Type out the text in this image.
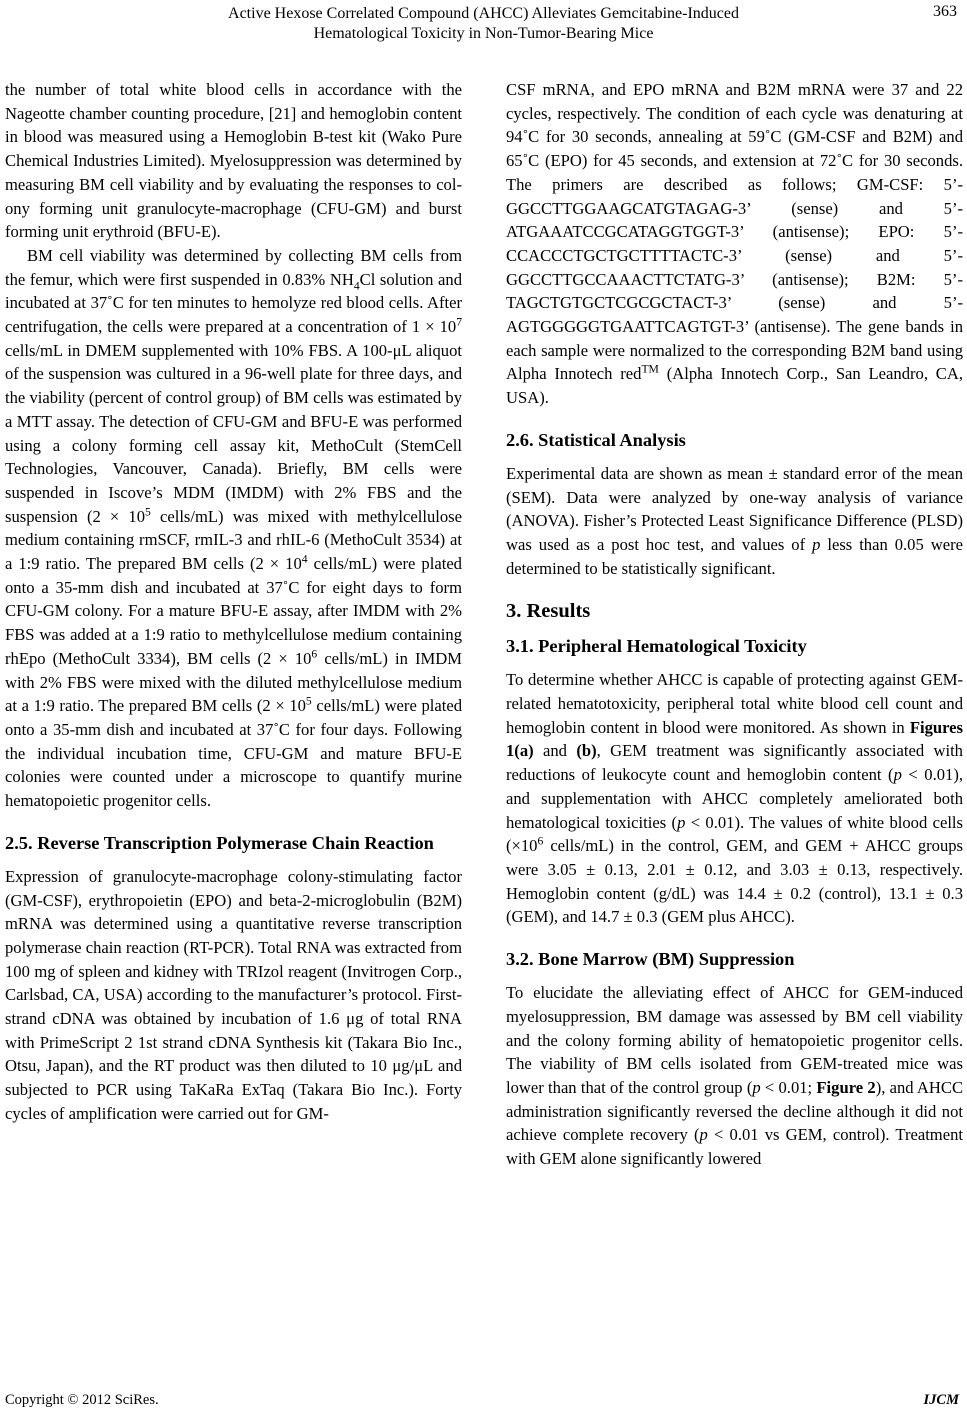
Active Hexose Correlated Compound (AHCC) Alleviates Gemcitabine-Induced
Hematological Toxicity in Non-Tumor-Bearing Mice
363

the number of total white blood cells in accordance with the Nageotte chamber counting procedure, [21] and hemoglobin content in blood was measured using a Hemoglobin B-test kit (Wako Pure Chemical Industries Limited). Myelosuppression was determined by measuring BM cell viability and by evaluating the responses to colony forming unit granulocyte-macrophage (CFU-GM) and burst forming unit erythroid (BFU-E).

BM cell viability was determined by collecting BM cells from the femur, which were first suspended in 0.83% $NH_4Cl$ solution and incubated at 37˚C for ten minutes to hemolyze red blood cells. After centrifugation, the cells were prepared at a concentration of $1 \times 10^7$ cells/mL in DMEM supplemented with 10% FBS. A 100-μL aliquot of the suspension was cultured in a 96-well plate for three days, and the viability (percent of control group) of BM cells was estimated by a MTT assay. The detection of CFU-GM and BFU-E was performed using a colony forming cell assay kit, MethoCult (StemCell Technologies, Vancouver, Canada). Briefly, BM cells were suspended in Iscove’s MDM (IMDM) with 2% FBS and the suspension ($2 \times 10^5$ cells/mL) was mixed with methylcellulose medium containing rmSCF, rmIL-3 and rhIL-6 (MethoCult 3534) at a 1:9 ratio. The prepared BM cells ($2 \times 10^4$ cells/mL) were plated onto a 35-mm dish and incubated at 37˚C for eight days to form CFU-GM colony. For a mature BFU-E assay, after IMDM with 2% FBS was added at a 1:9 ratio to methylcellulose medium containing rhEpo (MethoCult 3334), BM cells ($2 \times 10^6$ cells/mL) in IMDM with 2% FBS were mixed with the diluted methylcellulose medium at a 1:9 ratio. The prepared BM cells ($2 \times 10^5$ cells/mL) were plated onto a 35-mm dish and incubated at 37˚C for four days. Following the individual incubation time, CFU-GM and mature BFU-E colonies were counted under a microscope to quantify murine hematopoietic progenitor cells.

2.5. Reverse Transcription Polymerase Chain Reaction

Expression of granulocyte-macrophage colony-stimulating factor (GM-CSF), erythropoietin (EPO) and beta-2-microglobulin (B2M) mRNA was determined using a quantitative reverse transcription polymerase chain reaction (RT-PCR). Total RNA was extracted from 100 mg of spleen and kidney with TRIzol reagent (Invitrogen Corp., Carlsbad, CA, USA) according to the manufacturer’s protocol. First-strand cDNA was obtained by incubation of 1.6 μg of total RNA with PrimeScript 2 1st strand cDNA Synthesis kit (Takara Bio Inc., Otsu, Japan), and the RT product was then diluted to 10 μg/μL and subjected to PCR using TaKaRa ExTaq (Takara Bio Inc.). Forty cycles of amplification were carried out for GM-

CSF mRNA, and EPO mRNA and B2M mRNA were 37 and 22 cycles, respectively. The condition of each cycle was denaturing at 94˚C for 30 seconds, annealing at 59˚C (GM-CSF and B2M) and 65˚C (EPO) for 45 seconds, and extension at 72˚C for 30 seconds. The primers are described as follows; GM-CSF: 5’-GGCCTTGGAAGCATGTAGAG-3’ (sense) and 5’-ATGAAATCCGCATAGGTGGT-3’ (antisense); EPO: 5’-CCACCCTGCTGCTTTTACTC-3’ (sense) and 5’-GGCCTTGCCAAACTTCTATG-3’ (antisense); B2M: 5’-TAGCTGTGCTCGCGCTACT-3’ (sense) and 5’-AGTGGGGGTGAATTCAGTGT-3’ (antisense). The gene bands in each sample were normalized to the corresponding B2M band using Alpha Innotech red™ (Alpha Innotech Corp., San Leandro, CA, USA).

2.6. Statistical Analysis

Experimental data are shown as mean ± standard error of the mean (SEM). Data were analyzed by one-way analysis of variance (ANOVA). Fisher’s Protected Least Significance Difference (PLSD) was used as a post hoc test, and values of p less than 0.05 were determined to be statistically significant.

3. Results
3.1. Peripheral Hematological Toxicity

To determine whether AHCC is capable of protecting against GEM-related hematotoxicity, peripheral total white blood cell count and hemoglobin content in blood were monitored. As shown in Figures 1(a) and (b), GEM treatment was significantly associated with reductions of leukocyte count and hemoglobin content (p < 0.01), and supplementation with AHCC completely ameliorated both hematological toxicities (p < 0.01). The values of white blood cells ($\times 10^6$ cells/mL) in the control, GEM, and GEM + AHCC groups were 3.05 ± 0.13, 2.01 ± 0.12, and 3.03 ± 0.13, respectively. Hemoglobin content (g/dL) was 14.4 ± 0.2 (control), 13.1 ± 0.3 (GEM), and 14.7 ± 0.3 (GEM plus AHCC).

3.2. Bone Marrow (BM) Suppression

To elucidate the alleviating effect of AHCC for GEM-induced myelosuppression, BM damage was assessed by BM cell viability and the colony forming ability of hematopoietic progenitor cells. The viability of BM cells isolated from GEM-treated mice was lower than that of the control group (p < 0.01; Figure 2), and AHCC administration significantly reversed the decline although it did not achieve complete recovery (p < 0.01 vs GEM, control). Treatment with GEM alone significantly lowered

Copyright © 2012 SciRes.	IJCM
